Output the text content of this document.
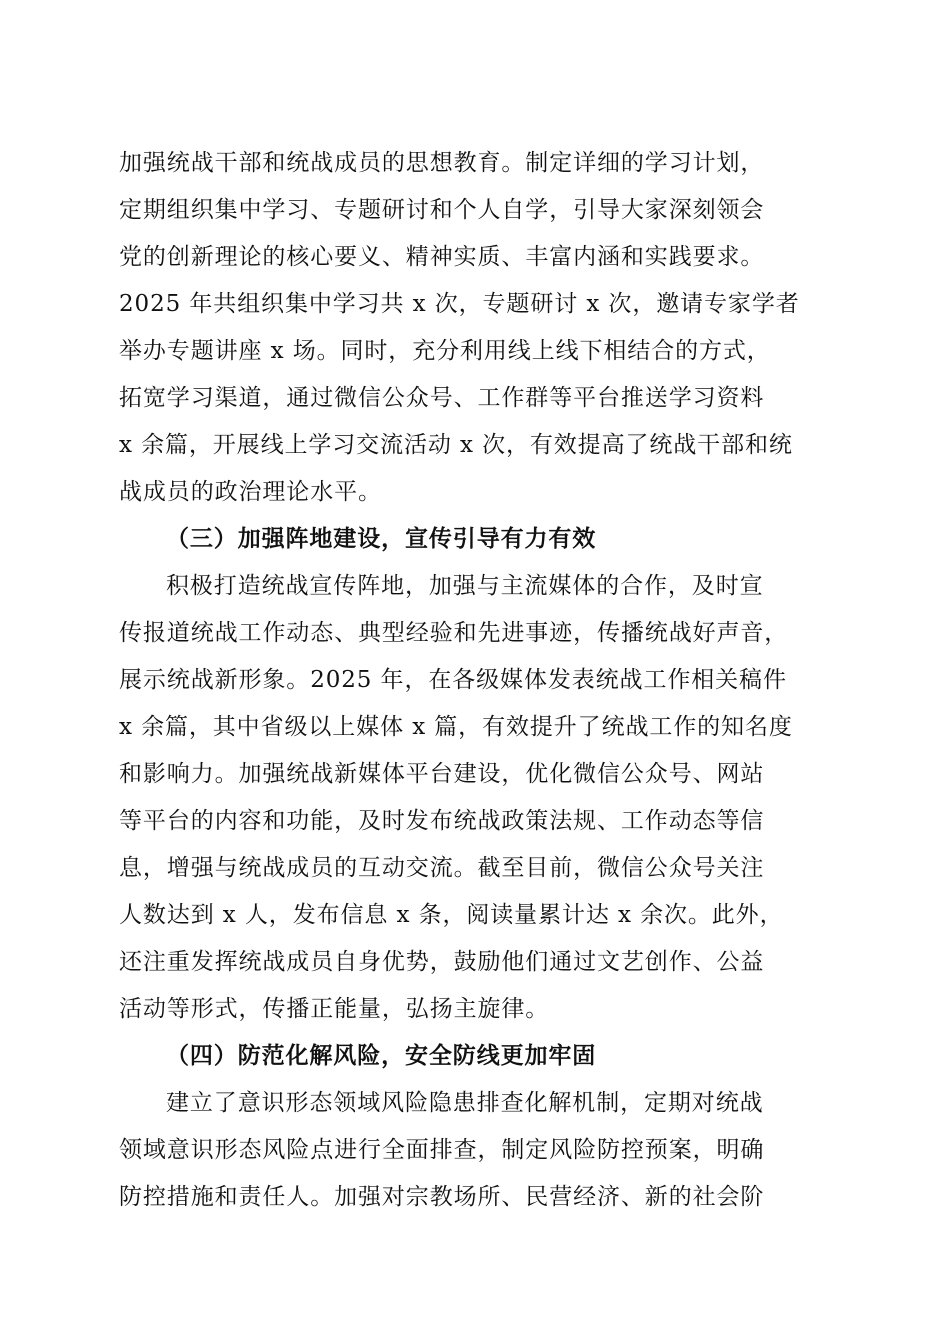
加强统战干部和统战成员的思想教育。制定详细的学习计划，
定期组织集中学习、专题研讨和个人自学，引导大家深刻领会
党的创新理论的核心要义、精神实质、丰富内涵和实践要求。
2025 年共组织集中学习共 x 次，专题研讨 x 次，邀请专家学者
举办专题讲座 x 场。同时，充分利用线上线下相结合的方式，
拓宽学习渠道，通过微信公众号、工作群等平台推送学习资料
x 余篇，开展线上学习交流活动 x 次，有效提高了统战干部和统
战成员的政治理论水平。
（三）加强阵地建设，宣传引导有力有效
积极打造统战宣传阵地，加强与主流媒体的合作，及时宣
传报道统战工作动态、典型经验和先进事迹，传播统战好声音，
展示统战新形象。2025 年，在各级媒体发表统战工作相关稿件
x 余篇，其中省级以上媒体 x 篇，有效提升了统战工作的知名度
和影响力。加强统战新媒体平台建设，优化微信公众号、网站
等平台的内容和功能，及时发布统战政策法规、工作动态等信
息，增强与统战成员的互动交流。截至目前，微信公众号关注
人数达到 x 人，发布信息 x 条，阅读量累计达 x 余次。此外，
还注重发挥统战成员自身优势，鼓励他们通过文艺创作、公益
活动等形式，传播正能量，弘扬主旋律。
（四）防范化解风险，安全防线更加牢固
建立了意识形态领域风险隐患排查化解机制，定期对统战
领域意识形态风险点进行全面排查，制定风险防控预案，明确
防控措施和责任人。加强对宗教场所、民营经济、新的社会阶
